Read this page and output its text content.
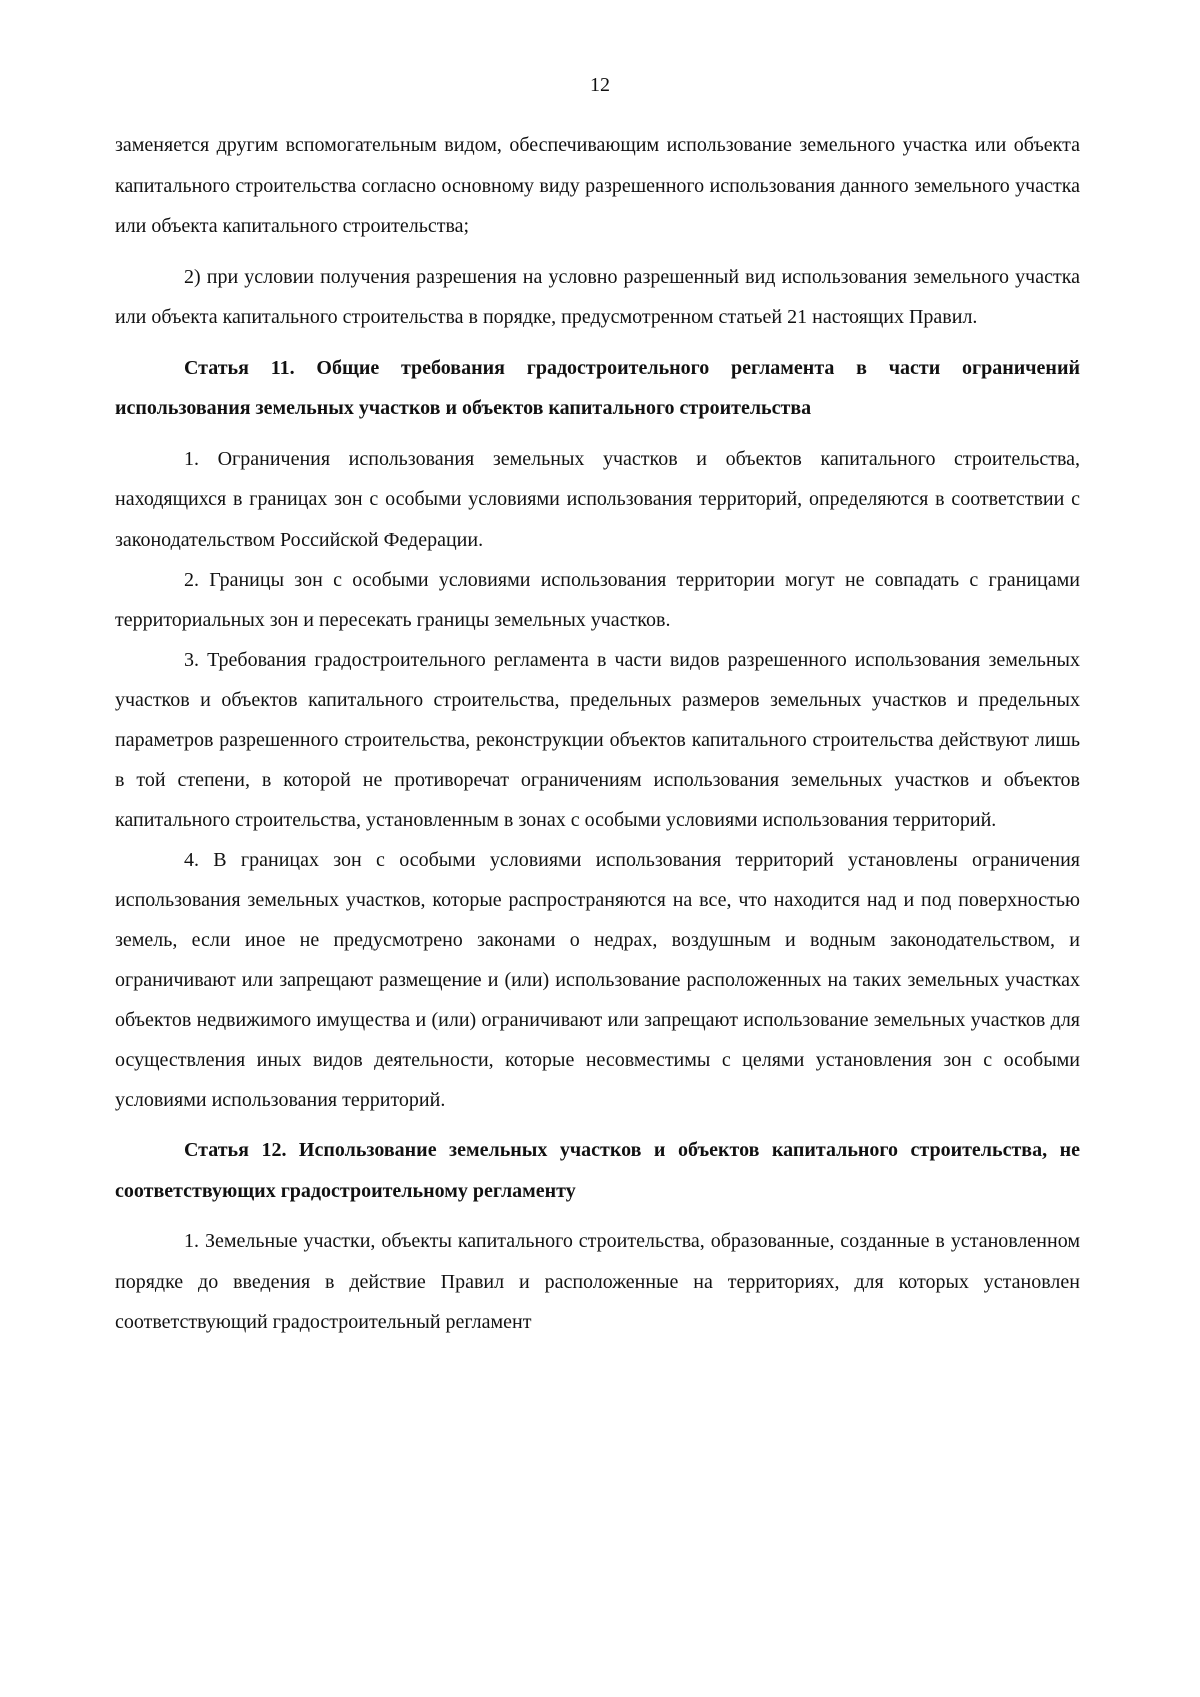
12

заменяется другим вспомогательным видом, обеспечивающим использование земельного участка или объекта капитального строительства согласно основному виду разрешенного использования данного земельного участка или объекта капитального строительства;

2) при условии получения разрешения на условно разрешенный вид использования земельного участка или объекта капитального строительства в порядке, предусмотренном статьей 21 настоящих Правил.

Статья 11. Общие требования градостроительного регламента в части ограничений использования земельных участков и объектов капитального строительства

1. Ограничения использования земельных участков и объектов капитального строительства, находящихся в границах зон с особыми условиями использования территорий, определяются в соответствии с законодательством Российской Федерации.

2. Границы зон с особыми условиями использования территории могут не совпадать с границами территориальных зон и пересекать границы земельных участков.

3. Требования градостроительного регламента в части видов разрешенного использования земельных участков и объектов капитального строительства, предельных размеров земельных участков и предельных параметров разрешенного строительства, реконструкции объектов капитального строительства действуют лишь в той степени, в которой не противоречат ограничениям использования земельных участков и объектов капитального строительства, установленным в зонах с особыми условиями использования территорий.

4. В границах зон с особыми условиями использования территорий установлены ограничения использования земельных участков, которые распространяются на все, что находится над и под поверхностью земель, если иное не предусмотрено законами о недрах, воздушным и водным законодательством, и ограничивают или запрещают размещение и (или) использование расположенных на таких земельных участках объектов недвижимого имущества и (или) ограничивают или запрещают использование земельных участков для осуществления иных видов деятельности, которые несовместимы с целями установления зон с особыми условиями использования территорий.

Статья 12. Использование земельных участков и объектов капитального строительства, не соответствующих градостроительному регламенту

1. Земельные участки, объекты капитального строительства, образованные, созданные в установленном порядке до введения в действие Правил и расположенные на территориях, для которых установлен соответствующий градостроительный регламент
